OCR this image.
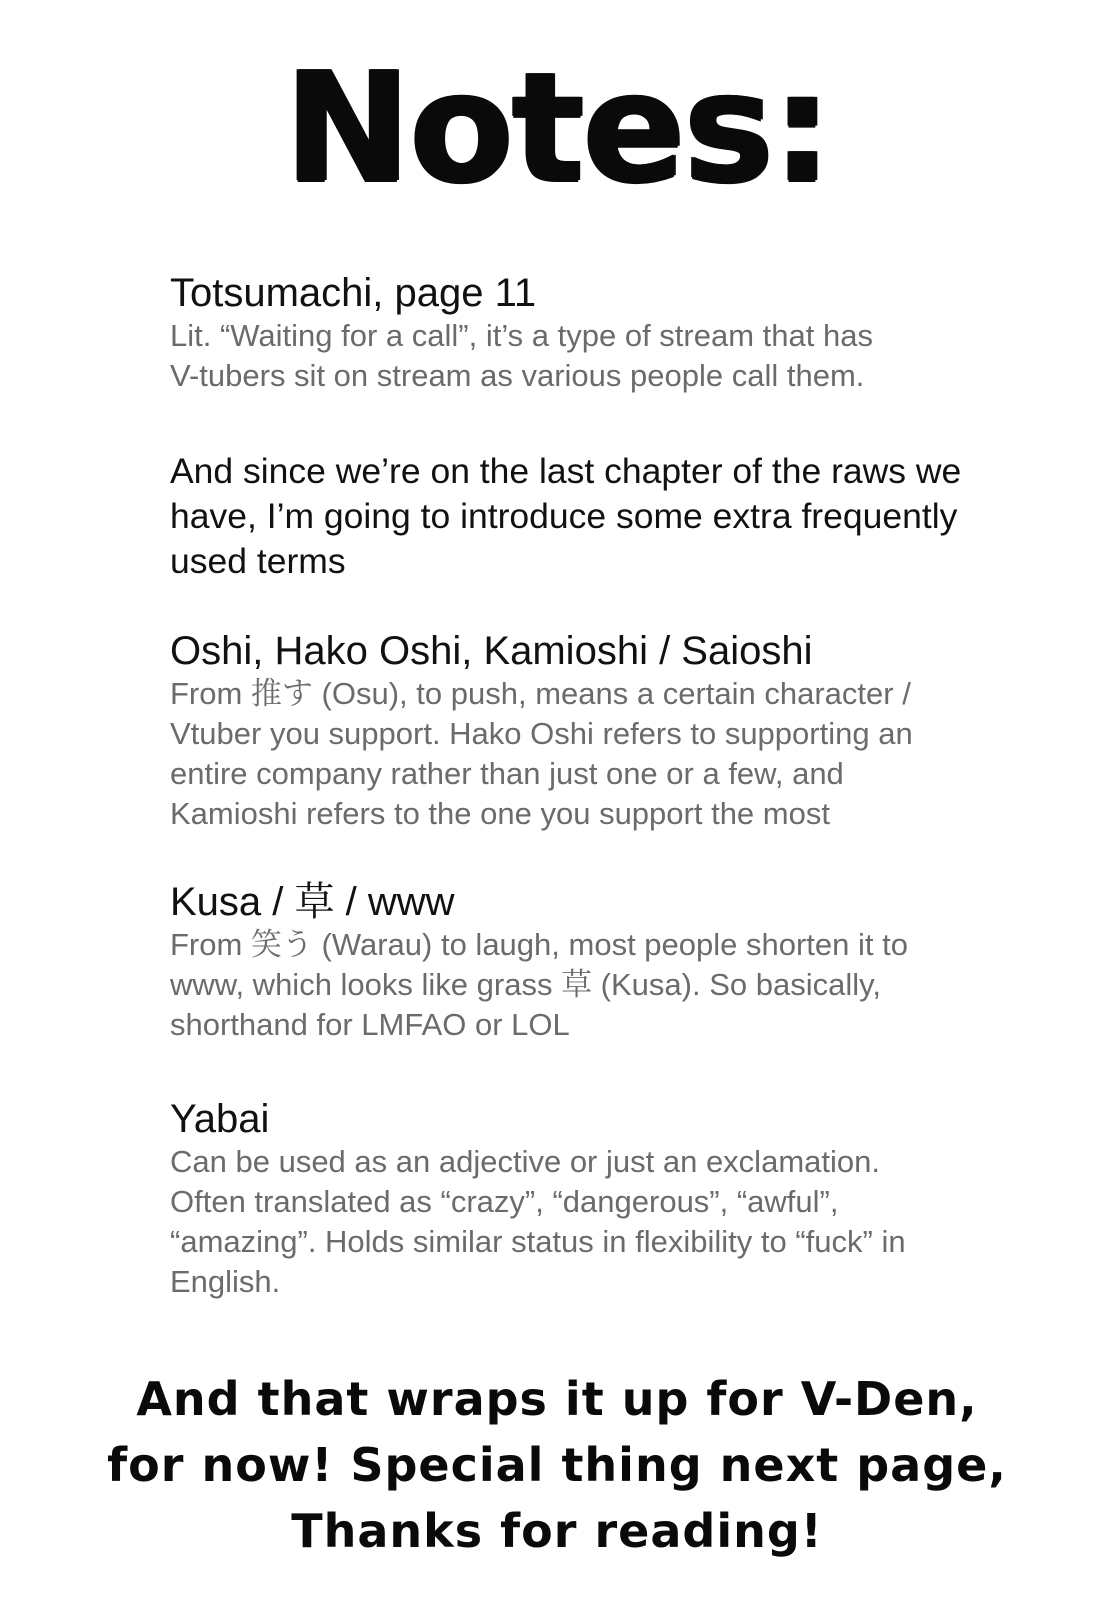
Notes:

Totsumachi, page 11

Lit. “Waiting for a call”, it’s a type of stream that has
V-tubers sit on stream as various people call them.

And since we’re on the last chapter of the raws we
have, I’m going to introduce some extra frequently
used terms

Oshi, Hako Oshi, Kamioshi / Saioshi

From 推す (Osu), to push, means a certain character /
Vtuber you support. Hako Oshi refers to supporting an
entire company rather than just one or a few, and
Kamioshi refers to the one you support the most

Kusa / 草 / www

From 笑う (Warau) to laugh, most people shorten it to
www, which looks like grass 草 (Kusa). So basically,
shorthand for LMFAO or LOL

Yabai

Can be used as an adjective or just an exclamation.
Often translated as “crazy”, “dangerous”, “awful”,
“amazing”. Holds similar status in flexibility to “fuck” in
English.

And that wraps it up for V-Den,
for now! Special thing next page,
Thanks for reading!
